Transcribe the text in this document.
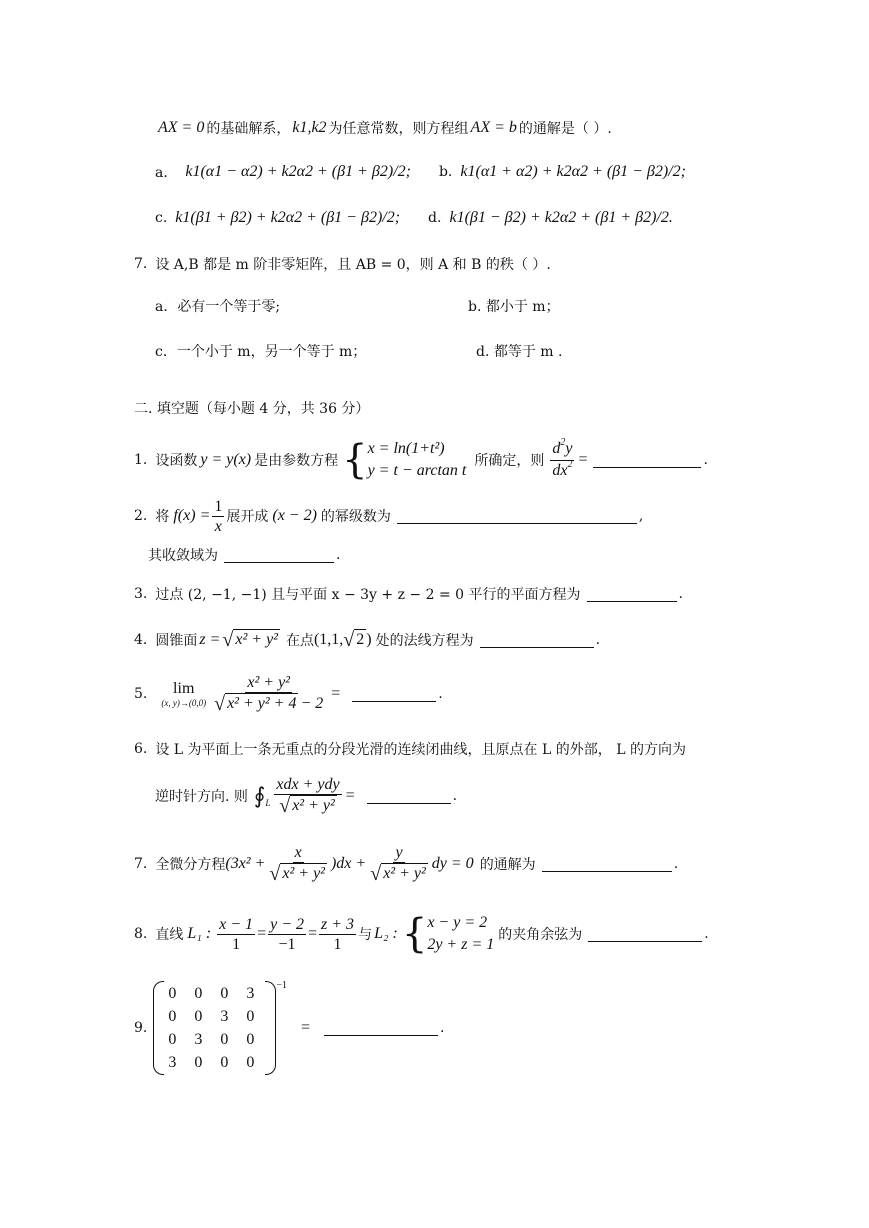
AX = 0 的基础解系， k1,k2 为任意常数，则方程组 AX = b 的通解是（ ）.
a． k1(α1 − α2) + k2α2 + (β1 + β2)/2; b. k1(α1 + α2) + k2α2 + (β1 − β2)/2;
c. k1(β1 + β2) + k2α2 + (β1 − β2)/2; d. k1(β1 − β2) + k2α2 + (β1 + β2)/2.
7. 设 A,B 都是 m 阶非零矩阵，且 AB = 0，则 A 和 B 的秩（ ）.
a．必有一个等于零;	b. 都小于 m；
c．一个小于 m，另一个等于 m；	d. 都等于 m .
二. 填空题（每小题 4 分，共 36 分）
1. 设函数 y = y(x) 是由参数方程 { x = ln(1+t²)
y = t − arctan t
所确定，则 $\frac{d^2y}{dx^2}$ =	.
2. 将 $f(x) = \frac{1}{x}$ 展开成 (x − 2) 的幂级数为	,
其收敛域为	.
3. 过点 (2, −1, −1) 且与平面 x − 3y + z − 2 = 0 平行的平面方程为	.
4. 圆锥面 z = √ x² + y² 在点 (1,1, √ 2 ) 处的法线方程为	.
5. lim
(x, $y)\to(0,0) \frac{\text{x² + y²}}{\text{√ x² + y² + 4 − 2}}$ =	.
6. 设 L 为平面上一条无重点的分段光滑的连续闭曲线，且原点在 L 的外部， L 的方向为
逆时针方向. 则 ∮ L $\frac{\text{xdx + ydy}}{\text{√ x² + y²}}$ =	.
7. 全微分方程 $(3x^2 + \frac{x}{\text{√ x² + y²}} )dx + \frac{y}{\text{√ x² + y²}}$ dy = 0 的通解为	.
8. 直线 L₁ : $\frac{x - 1}{1} = \frac{y - 2}{-1} = \frac{z + 3}{1}$ 与 L₂ : { x − y = 2
2y + z = 1
的夹角余弦为	.
9.
0 0 0 3
0 0 3 0
0 3 0 0
3 0 0 0
−1
=	.
